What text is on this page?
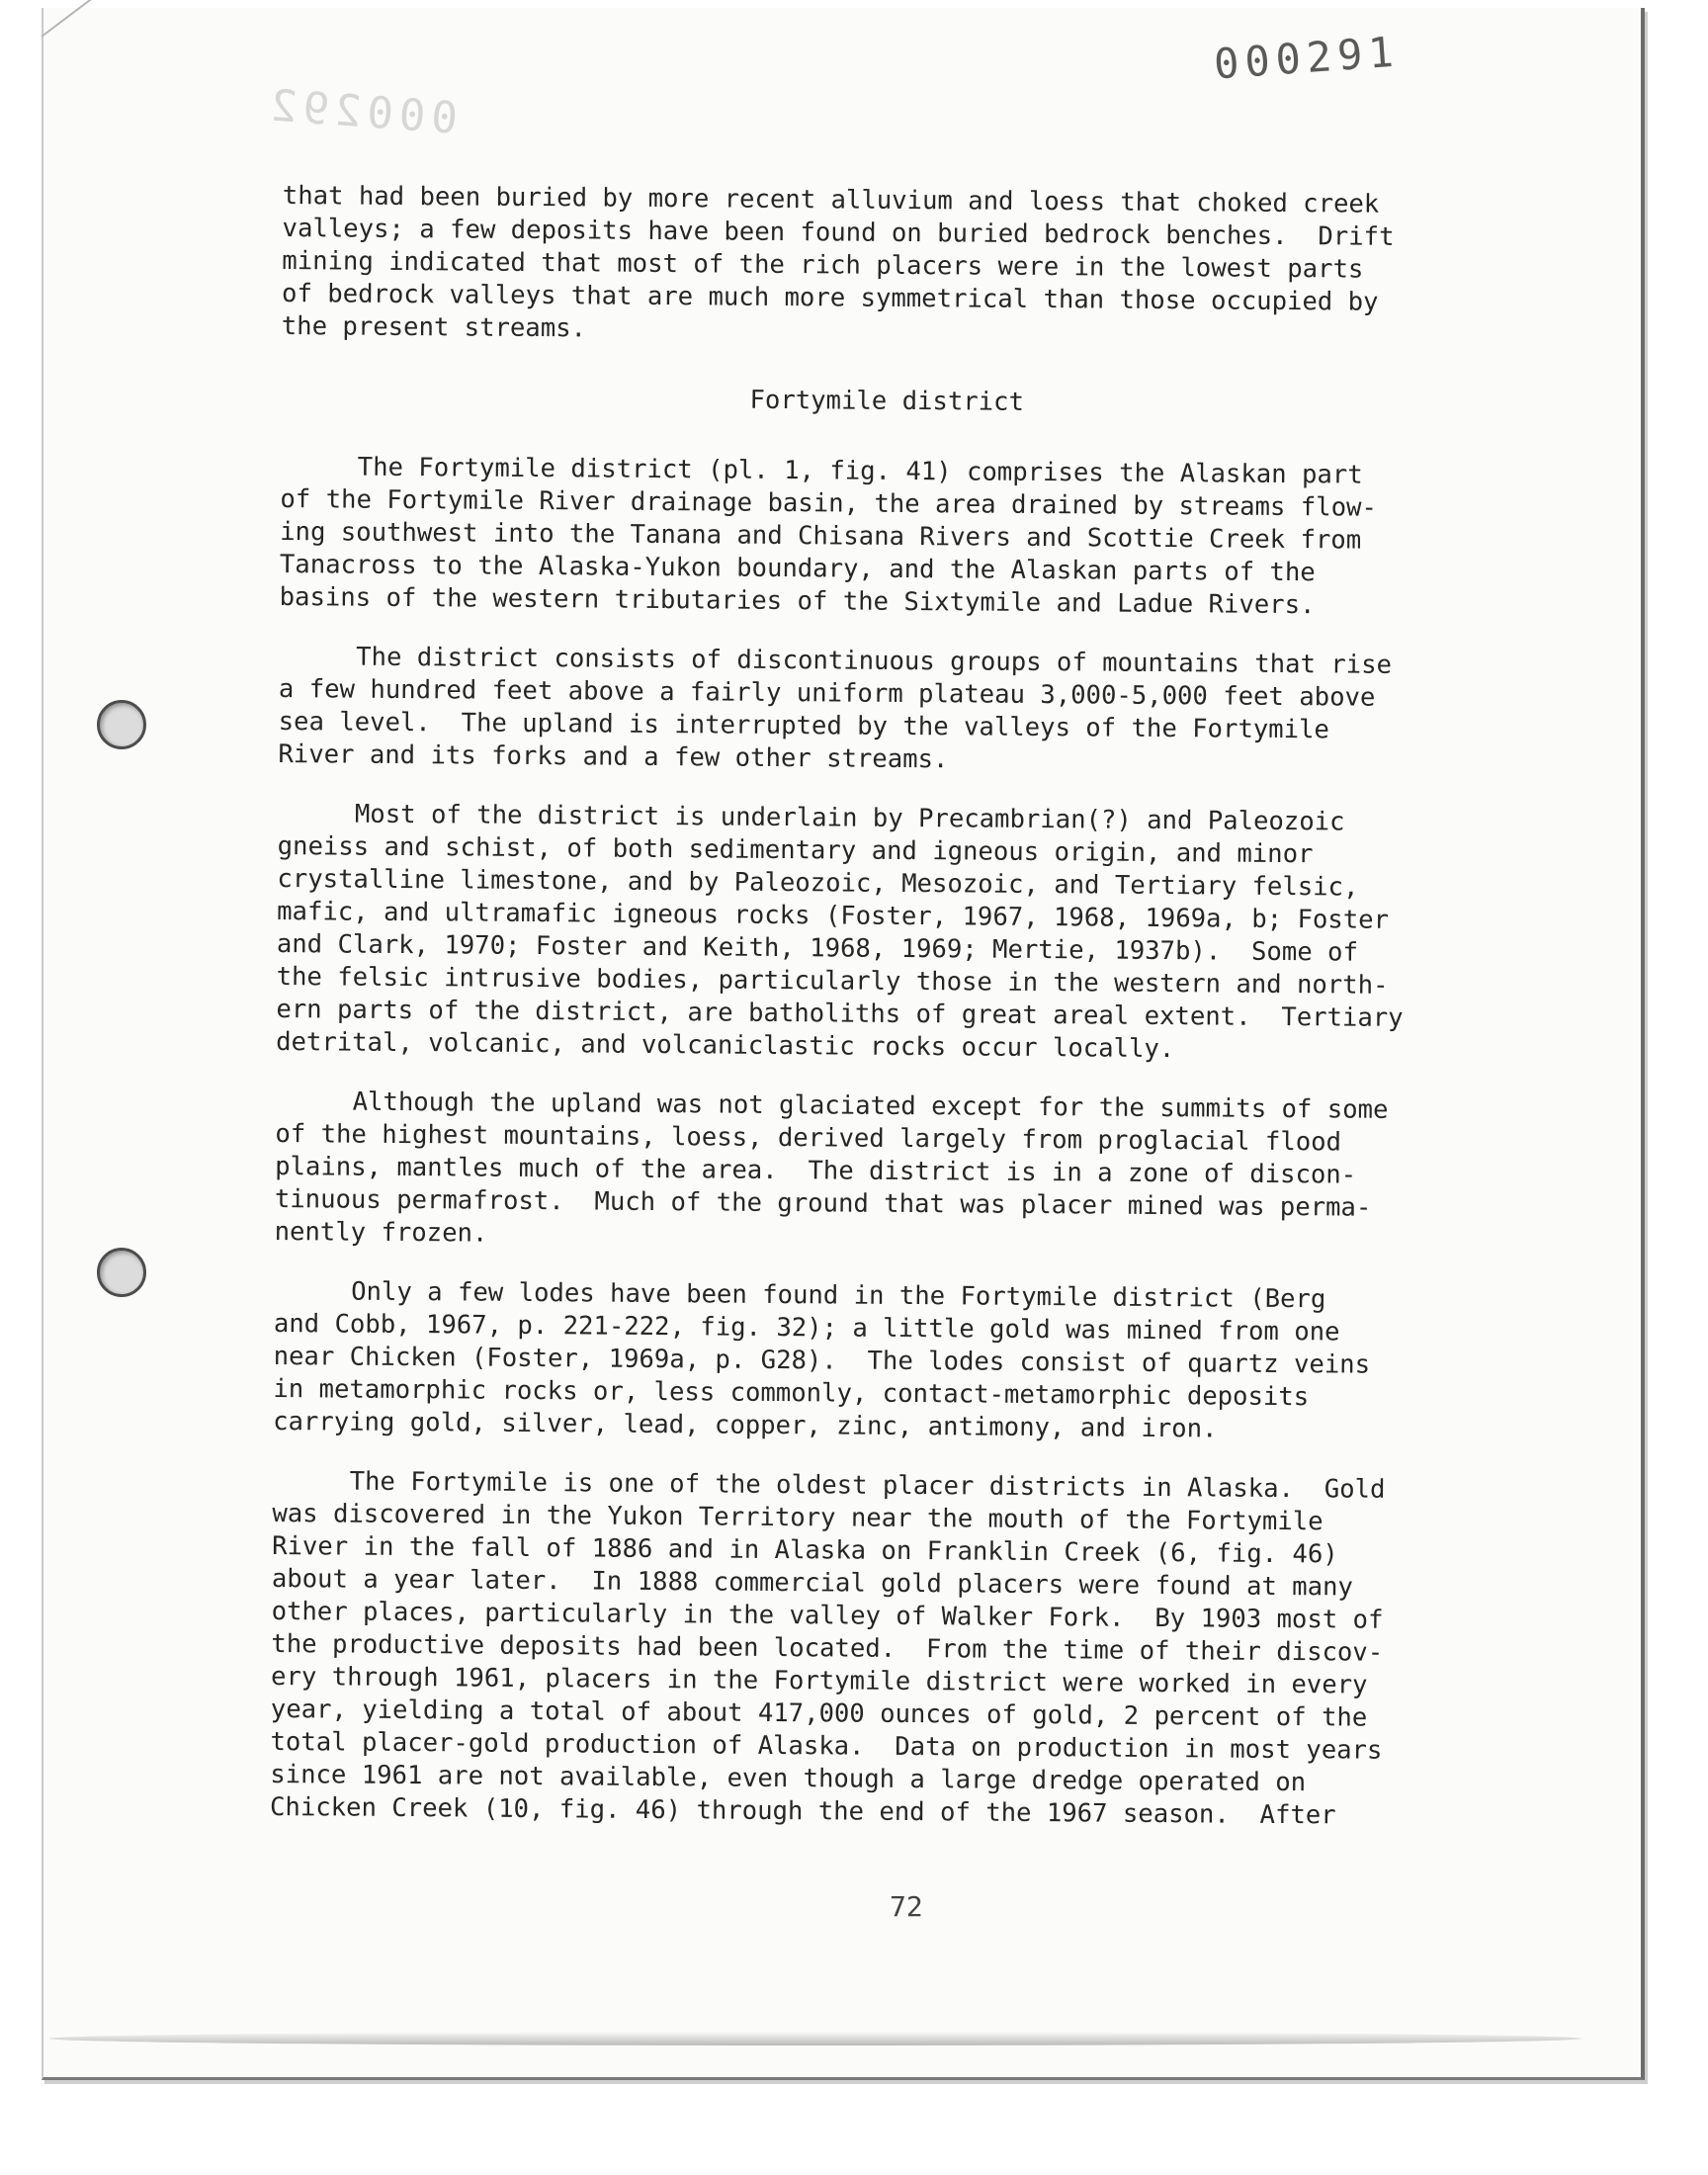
000292
000291

that had been buried by more recent alluvium and loess that choked creek

valleys; a few deposits have been found on buried bedrock benches.  Drift

mining indicated that most of the rich placers were in the lowest parts

of bedrock valleys that are much more symmetrical than those occupied by

the present streams.

Fortymile district

The Fortymile district (pl. 1, fig. 41) comprises the Alaskan part

of the Fortymile River drainage basin, the area drained by streams flow-

ing southwest into the Tanana and Chisana Rivers and Scottie Creek from

Tanacross to the Alaska-Yukon boundary, and the Alaskan parts of the

basins of the western tributaries of the Sixtymile and Ladue Rivers.

The district consists of discontinuous groups of mountains that rise

a few hundred feet above a fairly uniform plateau 3,000-5,000 feet above

sea level.  The upland is interrupted by the valleys of the Fortymile

River and its forks and a few other streams.

Most of the district is underlain by Precambrian(?) and Paleozoic

gneiss and schist, of both sedimentary and igneous origin, and minor

crystalline limestone, and by Paleozoic, Mesozoic, and Tertiary felsic,

mafic, and ultramafic igneous rocks (Foster, 1967, 1968, 1969a, b; Foster

and Clark, 1970; Foster and Keith, 1968, 1969; Mertie, 1937b).  Some of

the felsic intrusive bodies, particularly those in the western and north-

ern parts of the district, are batholiths of great areal extent.  Tertiary

detrital, volcanic, and volcaniclastic rocks occur locally.

Although the upland was not glaciated except for the summits of some

of the highest mountains, loess, derived largely from proglacial flood

plains, mantles much of the area.  The district is in a zone of discon-

tinuous permafrost.  Much of the ground that was placer mined was perma-

nently frozen.

Only a few lodes have been found in the Fortymile district (Berg

and Cobb, 1967, p. 221-222, fig. 32); a little gold was mined from one

near Chicken (Foster, 1969a, p. G28).  The lodes consist of quartz veins

in metamorphic rocks or, less commonly, contact-metamorphic deposits

carrying gold, silver, lead, copper, zinc, antimony, and iron.

The Fortymile is one of the oldest placer districts in Alaska.  Gold

was discovered in the Yukon Territory near the mouth of the Fortymile

River in the fall of 1886 and in Alaska on Franklin Creek (6, fig. 46)

about a year later.  In 1888 commercial gold placers were found at many

other places, particularly in the valley of Walker Fork.  By 1903 most of

the productive deposits had been located.  From the time of their discov-

ery through 1961, placers in the Fortymile district were worked in every

year, yielding a total of about 417,000 ounces of gold, 2 percent of the

total placer-gold production of Alaska.  Data on production in most years

since 1961 are not available, even though a large dredge operated on

Chicken Creek (10, fig. 46) through the end of the 1967 season.  After

72
